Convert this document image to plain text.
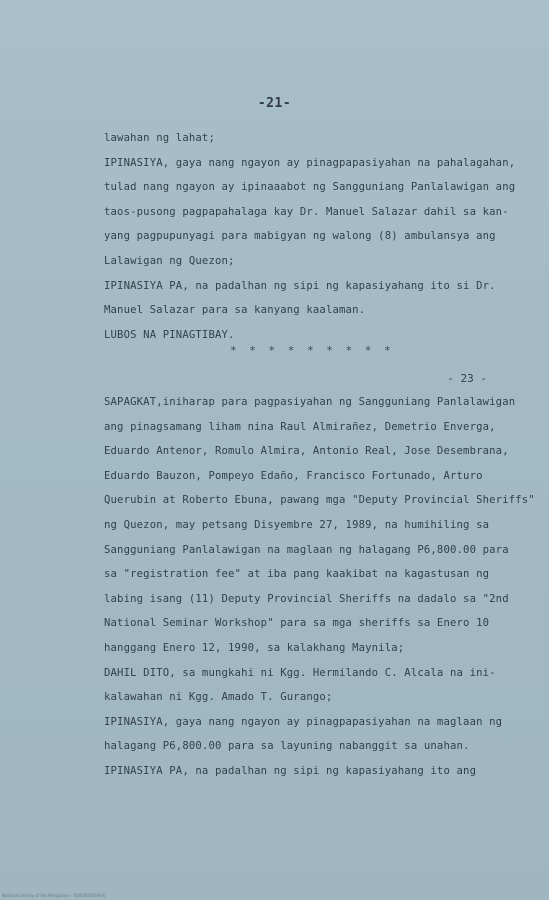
-21-
lawahan ng lahat;
IPINASIYA, gaya nang ngayon ay pinagpapasiyahan na pahalagahan,
tulad nang ngayon ay ipinaaabot ng Sangguniang Panlalawigan ang
taos-pusong pagpapahalaga kay Dr. Manuel Salazar dahil sa kan-
yang pagpupunyagi para mabigyan ng walong (8) ambulansya ang
Lalawigan ng Quezon;
IPINASIYA PA, na padalhan ng sipi ng kapasiyahang ito si Dr.
Manuel Salazar para sa kanyang kaalaman.
LUBOS NA PINAGTIBAY.
* * * * * * * * *
- 23 -
SAPAGKAT,iniharap para pagpasiyahan ng Sangguniang Panlalawigan
ang pinagsamang liham nina Raul Almirañez, Demetrio Enverga,
Eduardo Antenor, Romulo Almira, Antonio Real, Jose Desembrana,
Eduardo Bauzon, Pompeyo Edaño, Francisco Fortunado, Arturo
Querubin at Roberto Ebuna, pawang mga "Deputy Provincial Sheriffs"
ng Quezon, may petsang Disyembre 27, 1989, na humihiling sa
Sangguniang Panlalawigan na maglaan ng halagang P6,800.00 para
sa "registration fee" at iba pang kaakibat na kagastusan ng
labing isang (11) Deputy Provincial Sheriffs na dadalo sa "2nd
National Seminar Workshop" para sa mga sheriffs sa Enero 10
hanggang Enero 12, 1990, sa kalakhang Maynila;
DAHIL DITO, sa mungkahi ni Kgg. Hermilando C. Alcala na ini-
kalawahan ni Kgg. Amado T. Gurango;
IPINASIYA, gaya nang ngayon ay pinagpapasiyahan na maglaan ng
halagang P6,800.00 para sa layuning nabanggit sa unahan.
IPINASIYA PA, na padalhan ng sipi ng kapasiyahang ito ang
National Library of the Philippines - 00000000000-0
